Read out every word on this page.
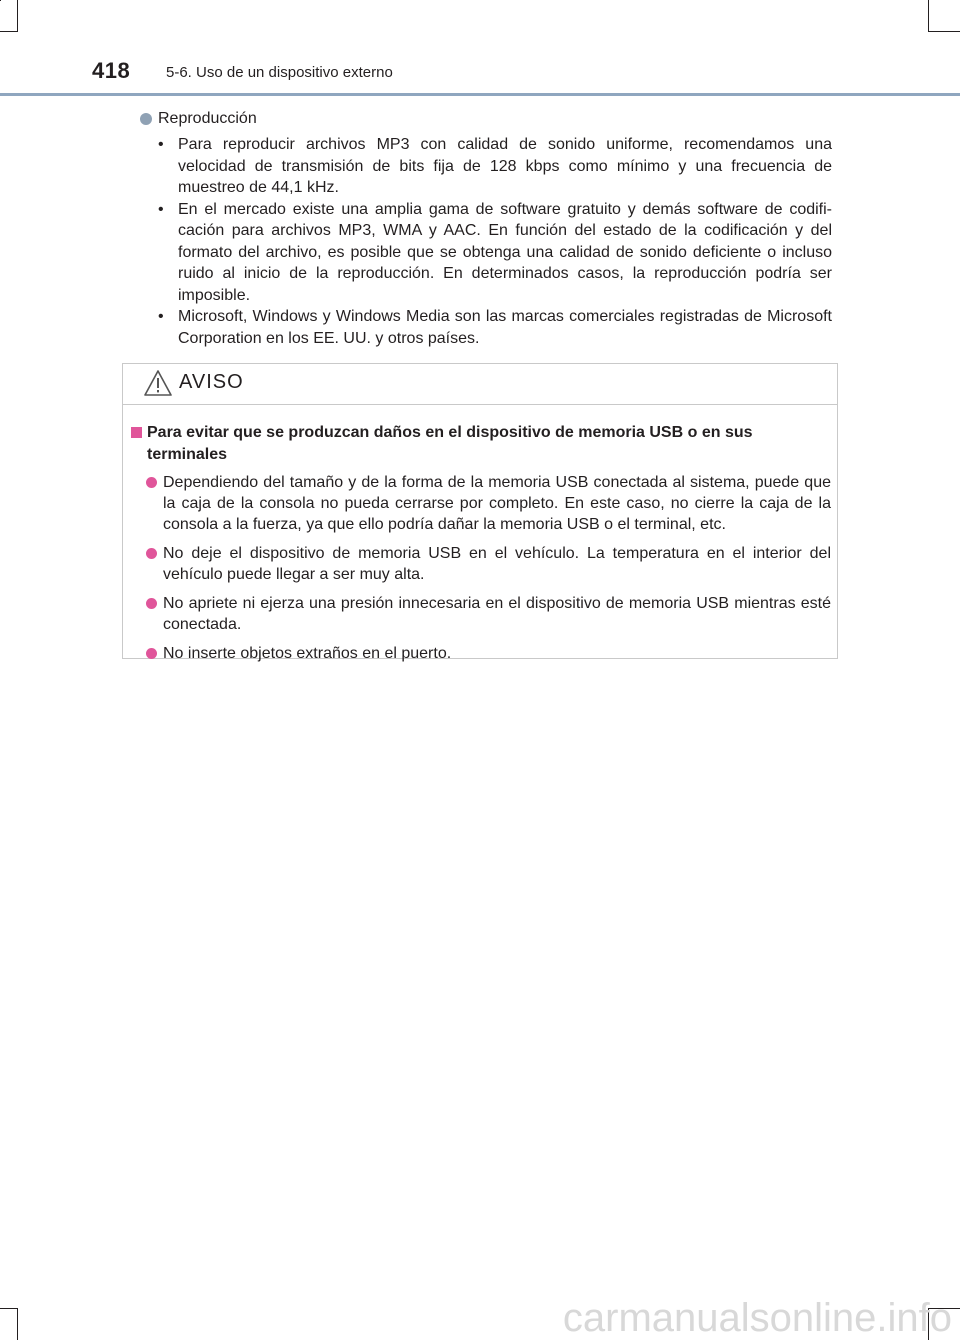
418 5-6. Uso de un dispositivo externo
Reproducción
• Para reproducir archivos MP3 con calidad de sonido uniforme, recomendamos una velocidad de transmisión de bits fija de 128 kbps como mínimo y una frecuencia de muestreo de 44,1 kHz.
• En el mercado existe una amplia gama de software gratuito y demás software de codifi-cación para archivos MP3, WMA y AAC. En función del estado de la codificación y del formato del archivo, es posible que se obtenga una calidad de sonido deficiente o incluso ruido al inicio de la reproducción. En determinados casos, la reproducción podría ser imposible.
• Microsoft, Windows y Windows Media son las marcas comerciales registradas de Microsoft Corporation en los EE. UU. y otros países.
AVISO
Para evitar que se produzcan daños en el dispositivo de memoria USB o en sus terminales
Dependiendo del tamaño y de la forma de la memoria USB conectada al sistema, puede que la caja de la consola no pueda cerrarse por completo. En este caso, no cierre la caja de la consola a la fuerza, ya que ello podría dañar la memoria USB o el terminal, etc.
No deje el dispositivo de memoria USB en el vehículo. La temperatura en el interior del vehículo puede llegar a ser muy alta.
No apriete ni ejerza una presión innecesaria en el dispositivo de memoria USB mientras esté conectada.
No inserte objetos extraños en el puerto.
carmanualsonline.info
